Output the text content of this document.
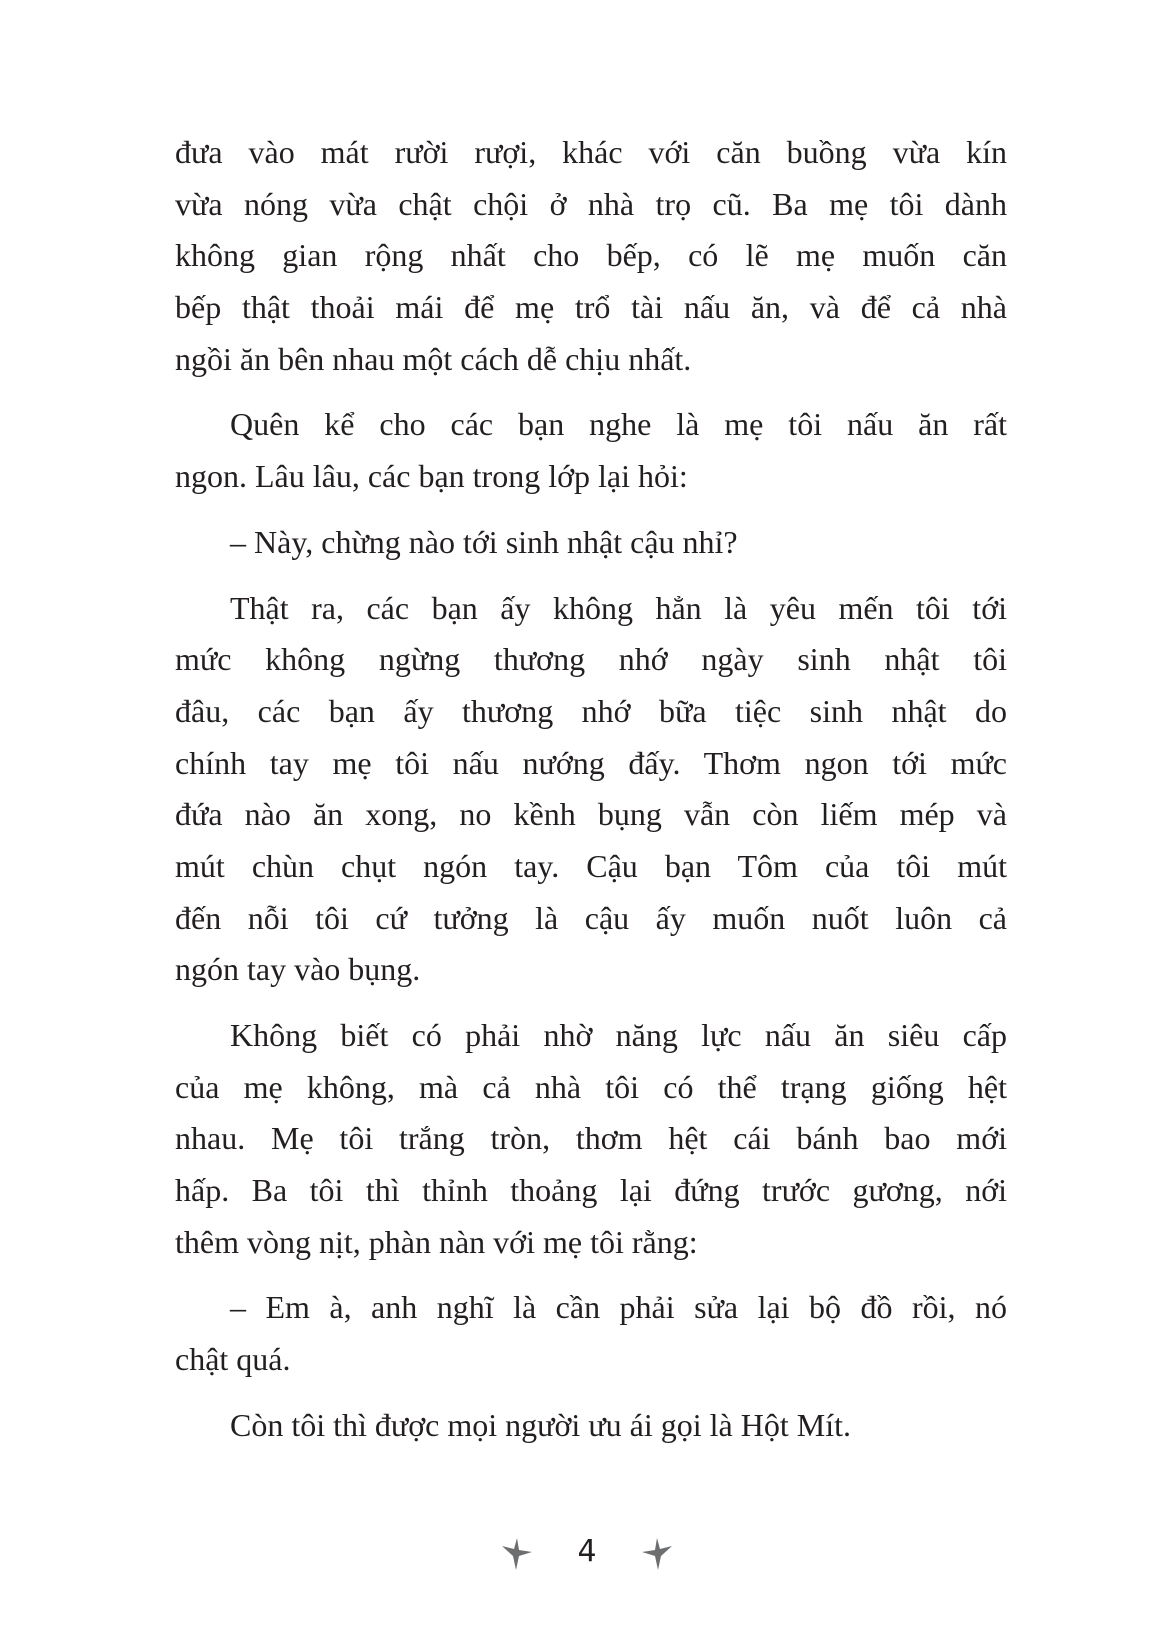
đưa vào mát rười rượi, khác với căn buồng vừa kín
vừa nóng vừa chật chội ở nhà trọ cũ. Ba mẹ tôi dành
không gian rộng nhất cho bếp, có lẽ mẹ muốn căn
bếp thật thoải mái để mẹ trổ tài nấu ăn, và để cả nhà
ngồi ăn bên nhau một cách dễ chịu nhất.
Quên kể cho các bạn nghe là mẹ tôi nấu ăn rất
ngon. Lâu lâu, các bạn trong lớp lại hỏi:
– Này, chừng nào tới sinh nhật cậu nhỉ?
Thật ra, các bạn ấy không hẳn là yêu mến tôi tới
mức không ngừng thương nhớ ngày sinh nhật tôi
đâu, các bạn ấy thương nhớ bữa tiệc sinh nhật do
chính tay mẹ tôi nấu nướng đấy. Thơm ngon tới mức
đứa nào ăn xong, no kềnh bụng vẫn còn liếm mép và
mút chùn chụt ngón tay. Cậu bạn Tôm của tôi mút
đến nỗi tôi cứ tưởng là cậu ấy muốn nuốt luôn cả
ngón tay vào bụng.
Không biết có phải nhờ năng lực nấu ăn siêu cấp
của mẹ không, mà cả nhà tôi có thể trạng giống hệt
nhau. Mẹ tôi trắng tròn, thơm hệt cái bánh bao mới
hấp. Ba tôi thì thỉnh thoảng lại đứng trước gương, nới
thêm vòng nịt, phàn nàn với mẹ tôi rằng:
– Em à, anh nghĩ là cần phải sửa lại bộ đồ rồi, nó
chật quá.
Còn tôi thì được mọi người ưu ái gọi là Hột Mít.
4
